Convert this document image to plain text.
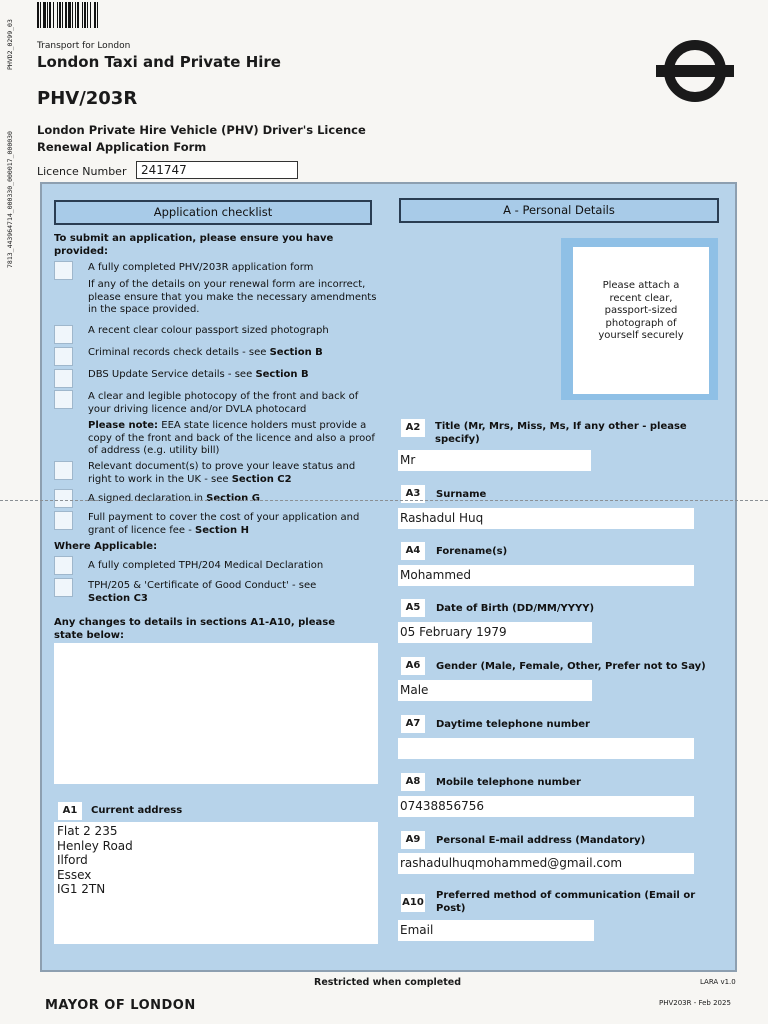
7813_443964714_000330_000017_000030
PHVD2_0299_03	Transport for London
London Taxi and Private Hire
PHV/203R
London Private Hire Vehicle (PHV) Driver's Licence
Renewal Application Form
Licence Number	241747
Application checklist	A - Personal Details
To submit an application, please ensure you have provided:
A fully completed PHV/203R application form
If any of the details on your renewal form are incorrect, please ensure that you make the necessary amendments in the space provided.
A recent clear colour passport sized photograph
Criminal records check details - see Section B
DBS Update Service details - see Section B
A clear and legible photocopy of the front and back of your driving licence and/or DVLA photocard
Please note: EEA state licence holders must provide a copy of the front and back of the licence and also a proof of address (e.g. utility bill)
Relevant document(s) to prove your leave status and right to work in the UK - see Section C2
A signed declaration in Section G
Full payment to cover the cost of your application and grant of licence fee - Section H
Where Applicable:
A fully completed TPH/204 Medical Declaration
TPH/205 & 'Certificate of Good Conduct' - see Section C3
Any changes to details in sections A1-A10, please state below:
A1	Current address
Flat 2 235
Henley Road
Ilford
Essex
IG1 2TN
Please attach a recent clear, passport-sized photograph of yourself securely
A2	Title (Mr, Mrs, Miss, Ms, If any other - please specify)
Mr
A3	Surname
Rashadul Huq
A4	Forename(s)
Mohammed
A5	Date of Birth (DD/MM/YYYY)
05 February 1979
A6	Gender (Male, Female, Other, Prefer not to Say)
Male
A7	Daytime telephone number
A8	Mobile telephone number
07438856756
A9	Personal E-mail address (Mandatory)
rashadulhuqmohammed@gmail.com
A10
Preferred method of communication (Email or Post)
Email
Restricted when completed	LARA v1.0
MAYOR OF LONDON	PHV203R - Feb 2025
